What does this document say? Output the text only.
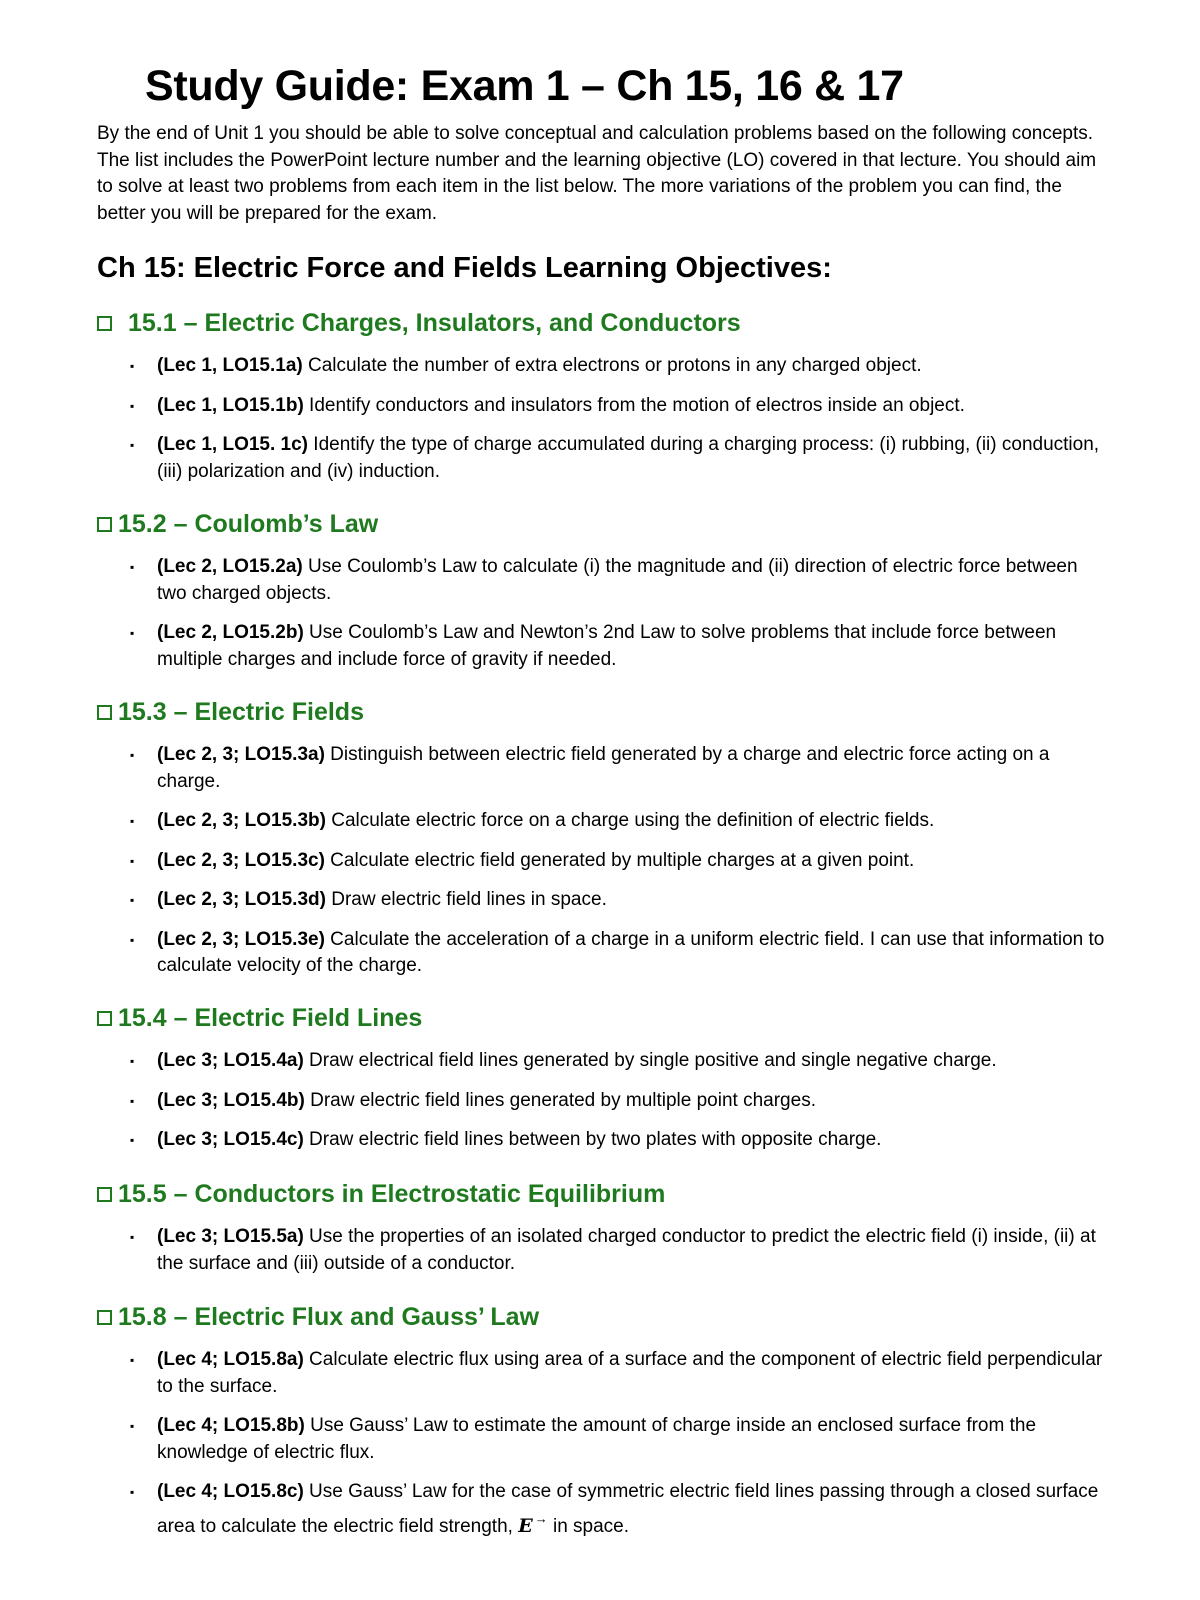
Study Guide: Exam 1 – Ch 15, 16 & 17

By the end of Unit 1 you should be able to solve conceptual and calculation problems based on the following concepts. The list includes the PowerPoint lecture number and the learning objective (LO) covered in that lecture. You should aim to solve at least two problems from each item in the list below. The more variations of the problem you can find, the better you will be prepared for the exam.

Ch 15: Electric Force and Fields Learning Objectives:
15.1 – Electric Charges, Insulators, and Conductors
▪ (Lec 1, LO15.1a) Calculate the number of extra electrons or protons in any charged object.
▪ (Lec 1, LO15.1b) Identify conductors and insulators from the motion of electros inside an object.
▪ (Lec 1, LO15. 1c) Identify the type of charge accumulated during a charging process: (i) rubbing, (ii) conduction, (iii) polarization and (iv) induction.
15.2 – Coulomb’s Law
▪ (Lec 2, LO15.2a) Use Coulomb’s Law to calculate (i) the magnitude and (ii) direction of electric force between two charged objects.
▪ (Lec 2, LO15.2b) Use Coulomb’s Law and Newton’s 2nd Law to solve problems that include force between multiple charges and include force of gravity if needed.
15.3 – Electric Fields
▪ (Lec 2, 3; LO15.3a) Distinguish between electric field generated by a charge and electric force acting on a charge.
▪ (Lec 2, 3; LO15.3b) Calculate electric force on a charge using the definition of electric fields.
▪ (Lec 2, 3; LO15.3c) Calculate electric field generated by multiple charges at a given point.
▪ (Lec 2, 3; LO15.3d) Draw electric field lines in space.
▪ (Lec 2, 3; LO15.3e) Calculate the acceleration of a charge in a uniform electric field. I can use that information to calculate velocity of the charge.
15.4 – Electric Field Lines
▪ (Lec 3; LO15.4a) Draw electrical field lines generated by single positive and single negative charge.
▪ (Lec 3; LO15.4b) Draw electric field lines generated by multiple point charges.
▪ (Lec 3; LO15.4c) Draw electric field lines between by two plates with opposite charge.
15.5 – Conductors in Electrostatic Equilibrium
▪ (Lec 3; LO15.5a) Use the properties of an isolated charged conductor to predict the electric field (i) inside, (ii) at the surface and (iii) outside of a conductor.
15.8 – Electric Flux and Gauss’ Law
▪ (Lec 4; LO15.8a) Calculate electric flux using area of a surface and the component of electric field perpendicular to the surface.
▪ (Lec 4; LO15.8b) Use Gauss’ Law to estimate the amount of charge inside an enclosed surface from the knowledge of electric flux.
▪ (Lec 4; LO15.8c) Use Gauss’ Law for the case of symmetric electric field lines passing through a closed surface area to calculate the electric field strength, E → in space.
